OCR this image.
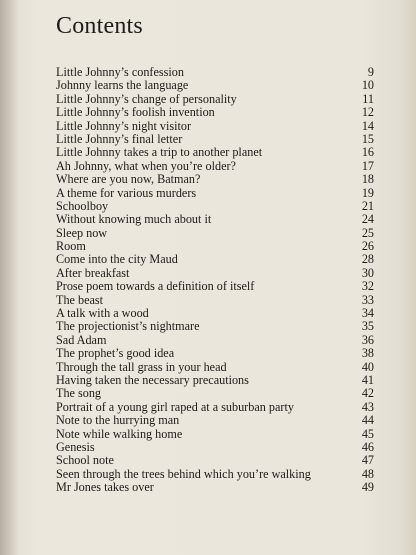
Contents
Little Johnny’s confession	9
Johnny learns the language	10
Little Johnny’s change of personality	11
Little Johnny’s foolish invention	12
Little Johnny’s night visitor	14
Little Johnny’s final letter	15
Little Johnny takes a trip to another planet	16
Ah Johnny, what when you’re older?	17
Where are you now, Batman?	18
A theme for various murders	19
Schoolboy	21
Without knowing much about it	24
Sleep now	25
Room	26
Come into the city Maud	28
After breakfast	30
Prose poem towards a definition of itself	32
The beast	33
A talk with a wood	34
The projectionist’s nightmare	35
Sad Adam	36
The prophet’s good idea	38
Through the tall grass in your head	40
Having taken the necessary precautions	41
The song	42
Portrait of a young girl raped at a suburban party	43
Note to the hurrying man	44
Note while walking home	45
Genesis	46
School note	47
Seen through the trees behind which you’re walking	48
Mr Jones takes over	49
